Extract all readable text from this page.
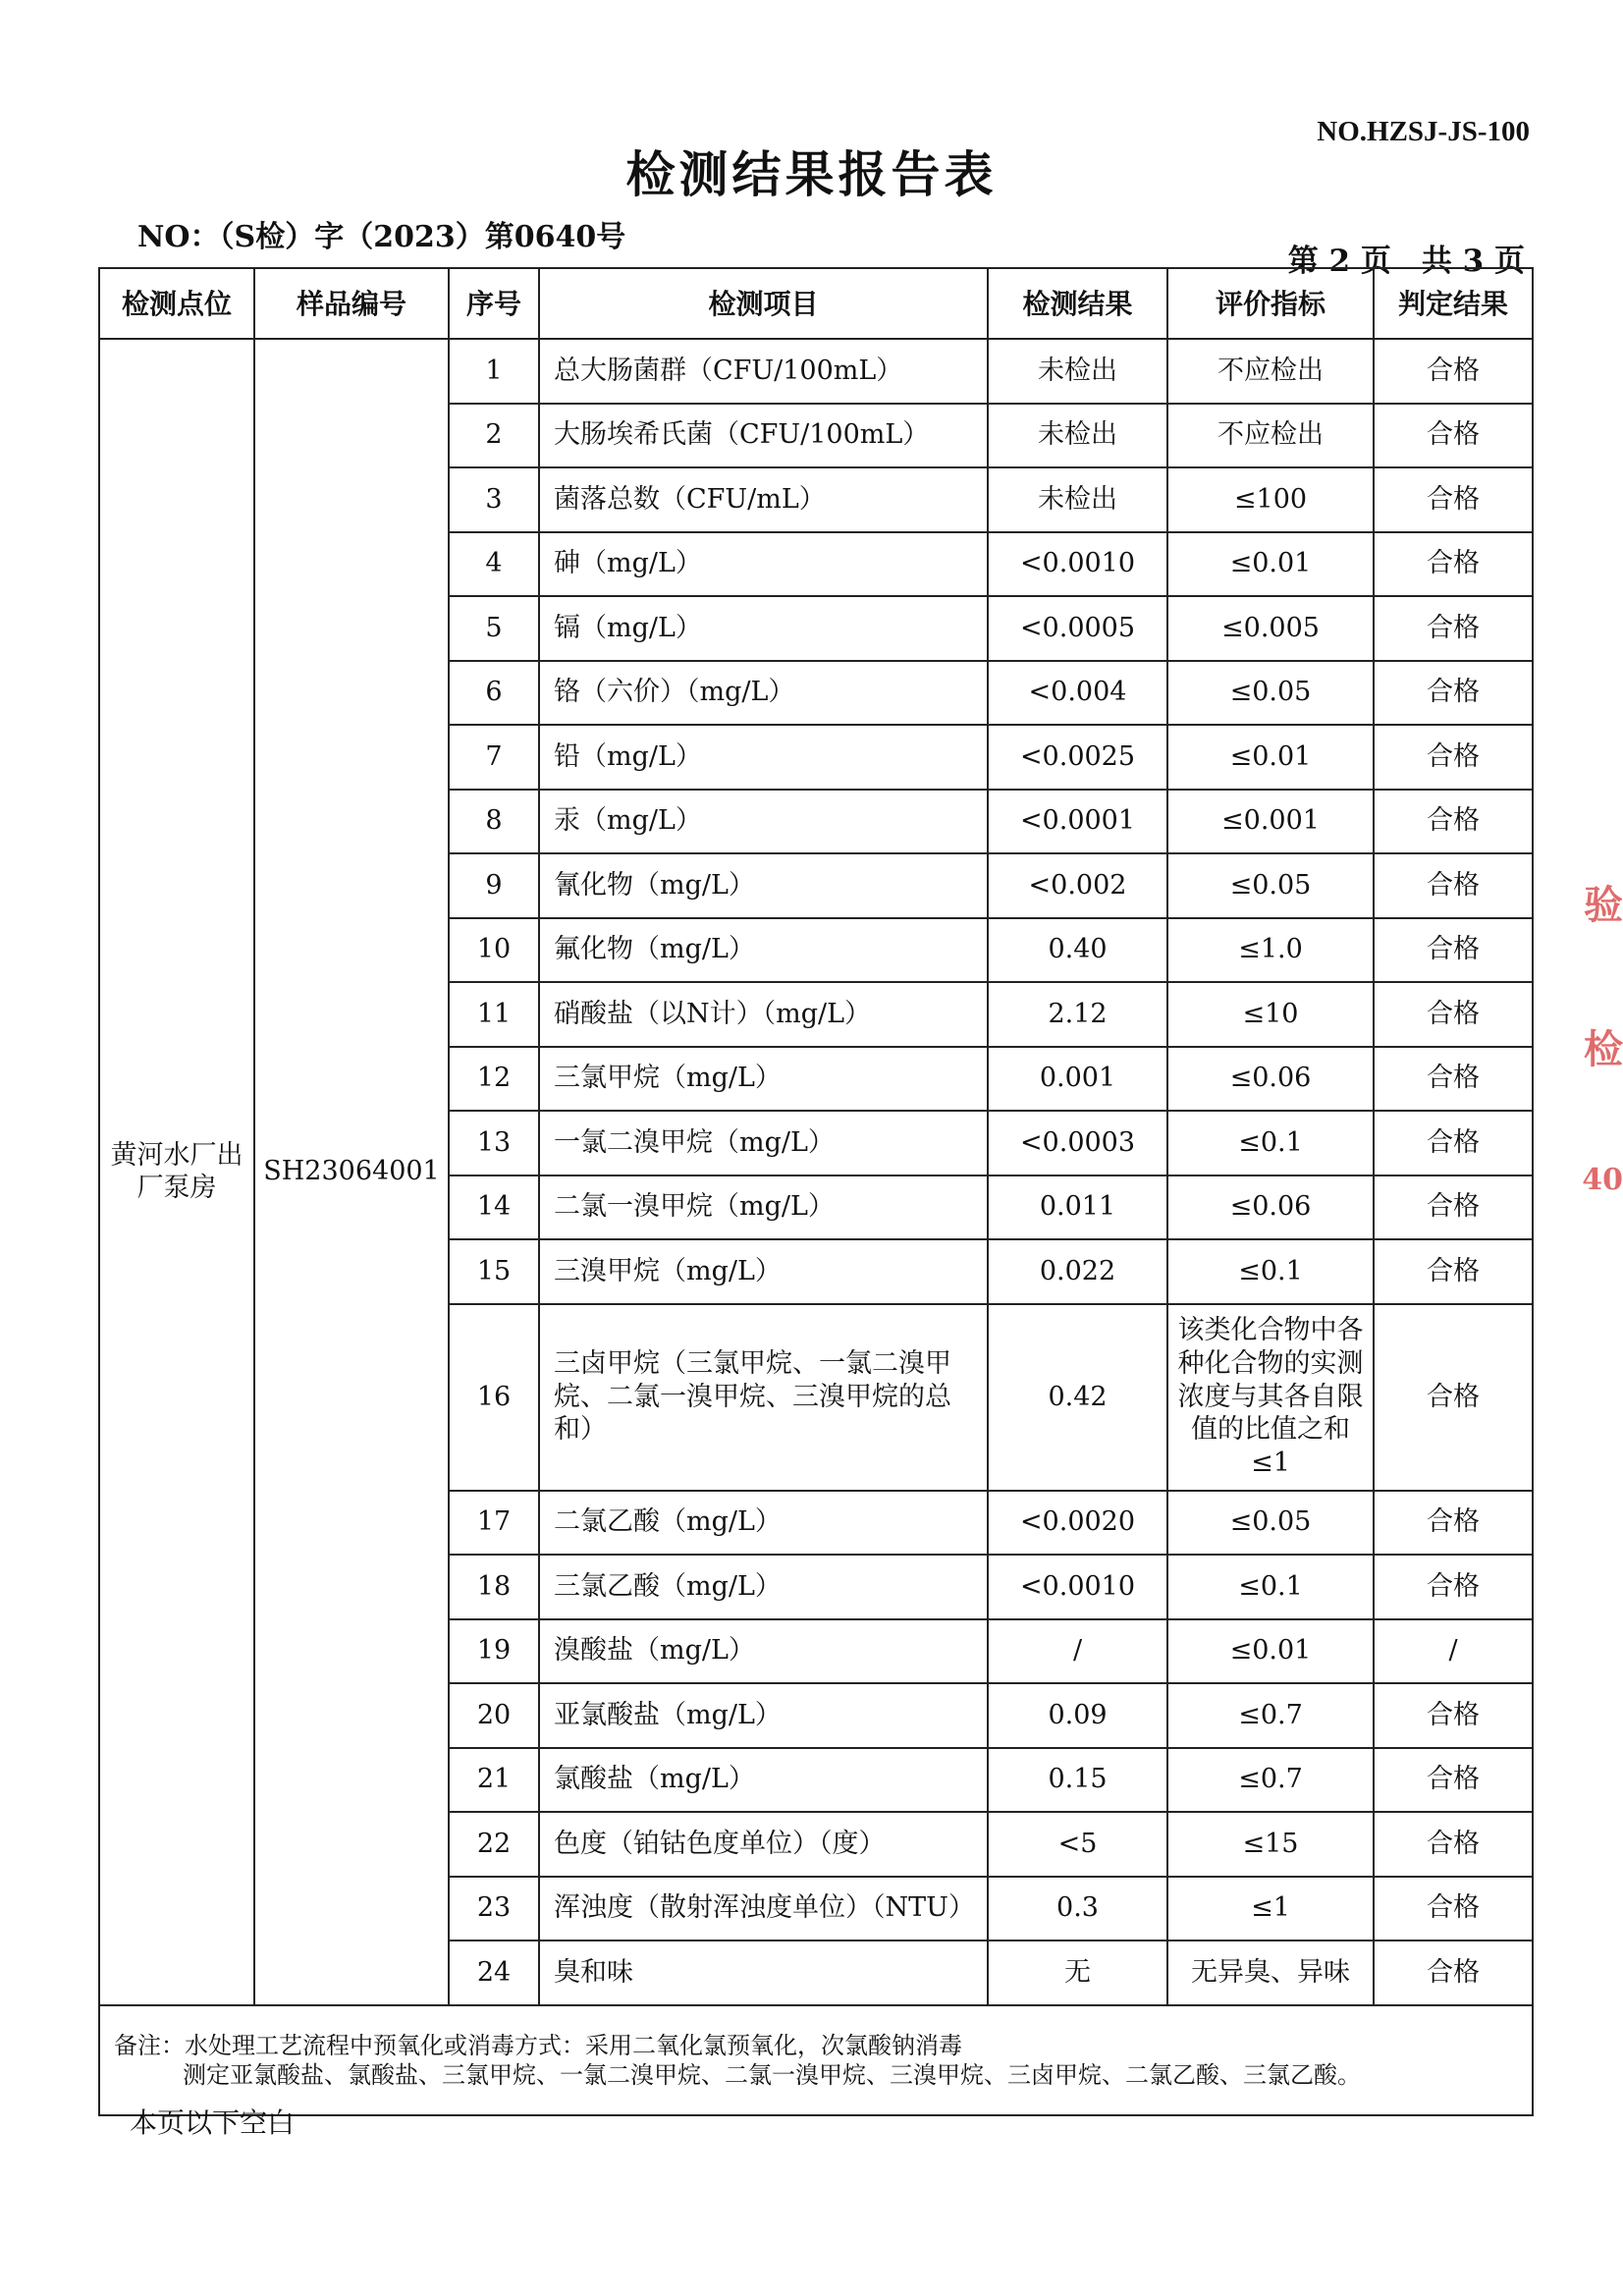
NO.HZSJ-JS-100
检测结果报告表
NO：（S检）字（2023）第0640号
第 2 页　共 3 页
检测点位	样品编号	序号	检测项目	检测结果	评价指标	判定结果
黄河水厂出厂泵房	SH23064001	1	总大肠菌群（CFU/100mL）	未检出	不应检出	合格
		2	大肠埃希氏菌（CFU/100mL）	未检出	不应检出	合格
		3	菌落总数（CFU/mL）	未检出	≤100	合格
		4	砷（mg/L）	<0.0010	≤0.01	合格
		5	镉（mg/L）	<0.0005	≤0.005	合格
		6	铬（六价）（mg/L）	<0.004	≤0.05	合格
		7	铅（mg/L）	<0.0025	≤0.01	合格
		8	汞（mg/L）	<0.0001	≤0.001	合格
		9	氰化物（mg/L）	<0.002	≤0.05	合格
		10	氟化物（mg/L）	0.40	≤1.0	合格
		11	硝酸盐（以N计）（mg/L）	2.12	≤10	合格
		12	三氯甲烷（mg/L）	0.001	≤0.06	合格
		13	一氯二溴甲烷（mg/L）	<0.0003	≤0.1	合格
		14	二氯一溴甲烷（mg/L）	0.011	≤0.06	合格
		15	三溴甲烷（mg/L）	0.022	≤0.1	合格
		16	三卤甲烷（三氯甲烷、一氯二溴甲烷、二氯一溴甲烷、三溴甲烷的总和）	0.42	该类化合物中各种化合物的实测浓度与其各自限值的比值之和≤1	合格
		17	二氯乙酸（mg/L）	<0.0020	≤0.05	合格
		18	三氯乙酸（mg/L）	<0.0010	≤0.1	合格
		19	溴酸盐（mg/L）	/	≤0.01	/
		20	亚氯酸盐（mg/L）	0.09	≤0.7	合格
		21	氯酸盐（mg/L）	0.15	≤0.7	合格
		22	色度（铂钴色度单位）（度）	<5	≤15	合格
		23	浑浊度（散射浑浊度单位）（NTU）	0.3	≤1	合格
		24	臭和味	无	无异臭、异味	合格
备注：水处理工艺流程中预氧化或消毒方式：采用二氧化氯预氧化，次氯酸钠消毒
测定亚氯酸盐、氯酸盐、三氯甲烷、一氯二溴甲烷、二氯一溴甲烷、三溴甲烷、三卤甲烷、二氯乙酸、三氯乙酸。						
本页以下空白
验
检
40
